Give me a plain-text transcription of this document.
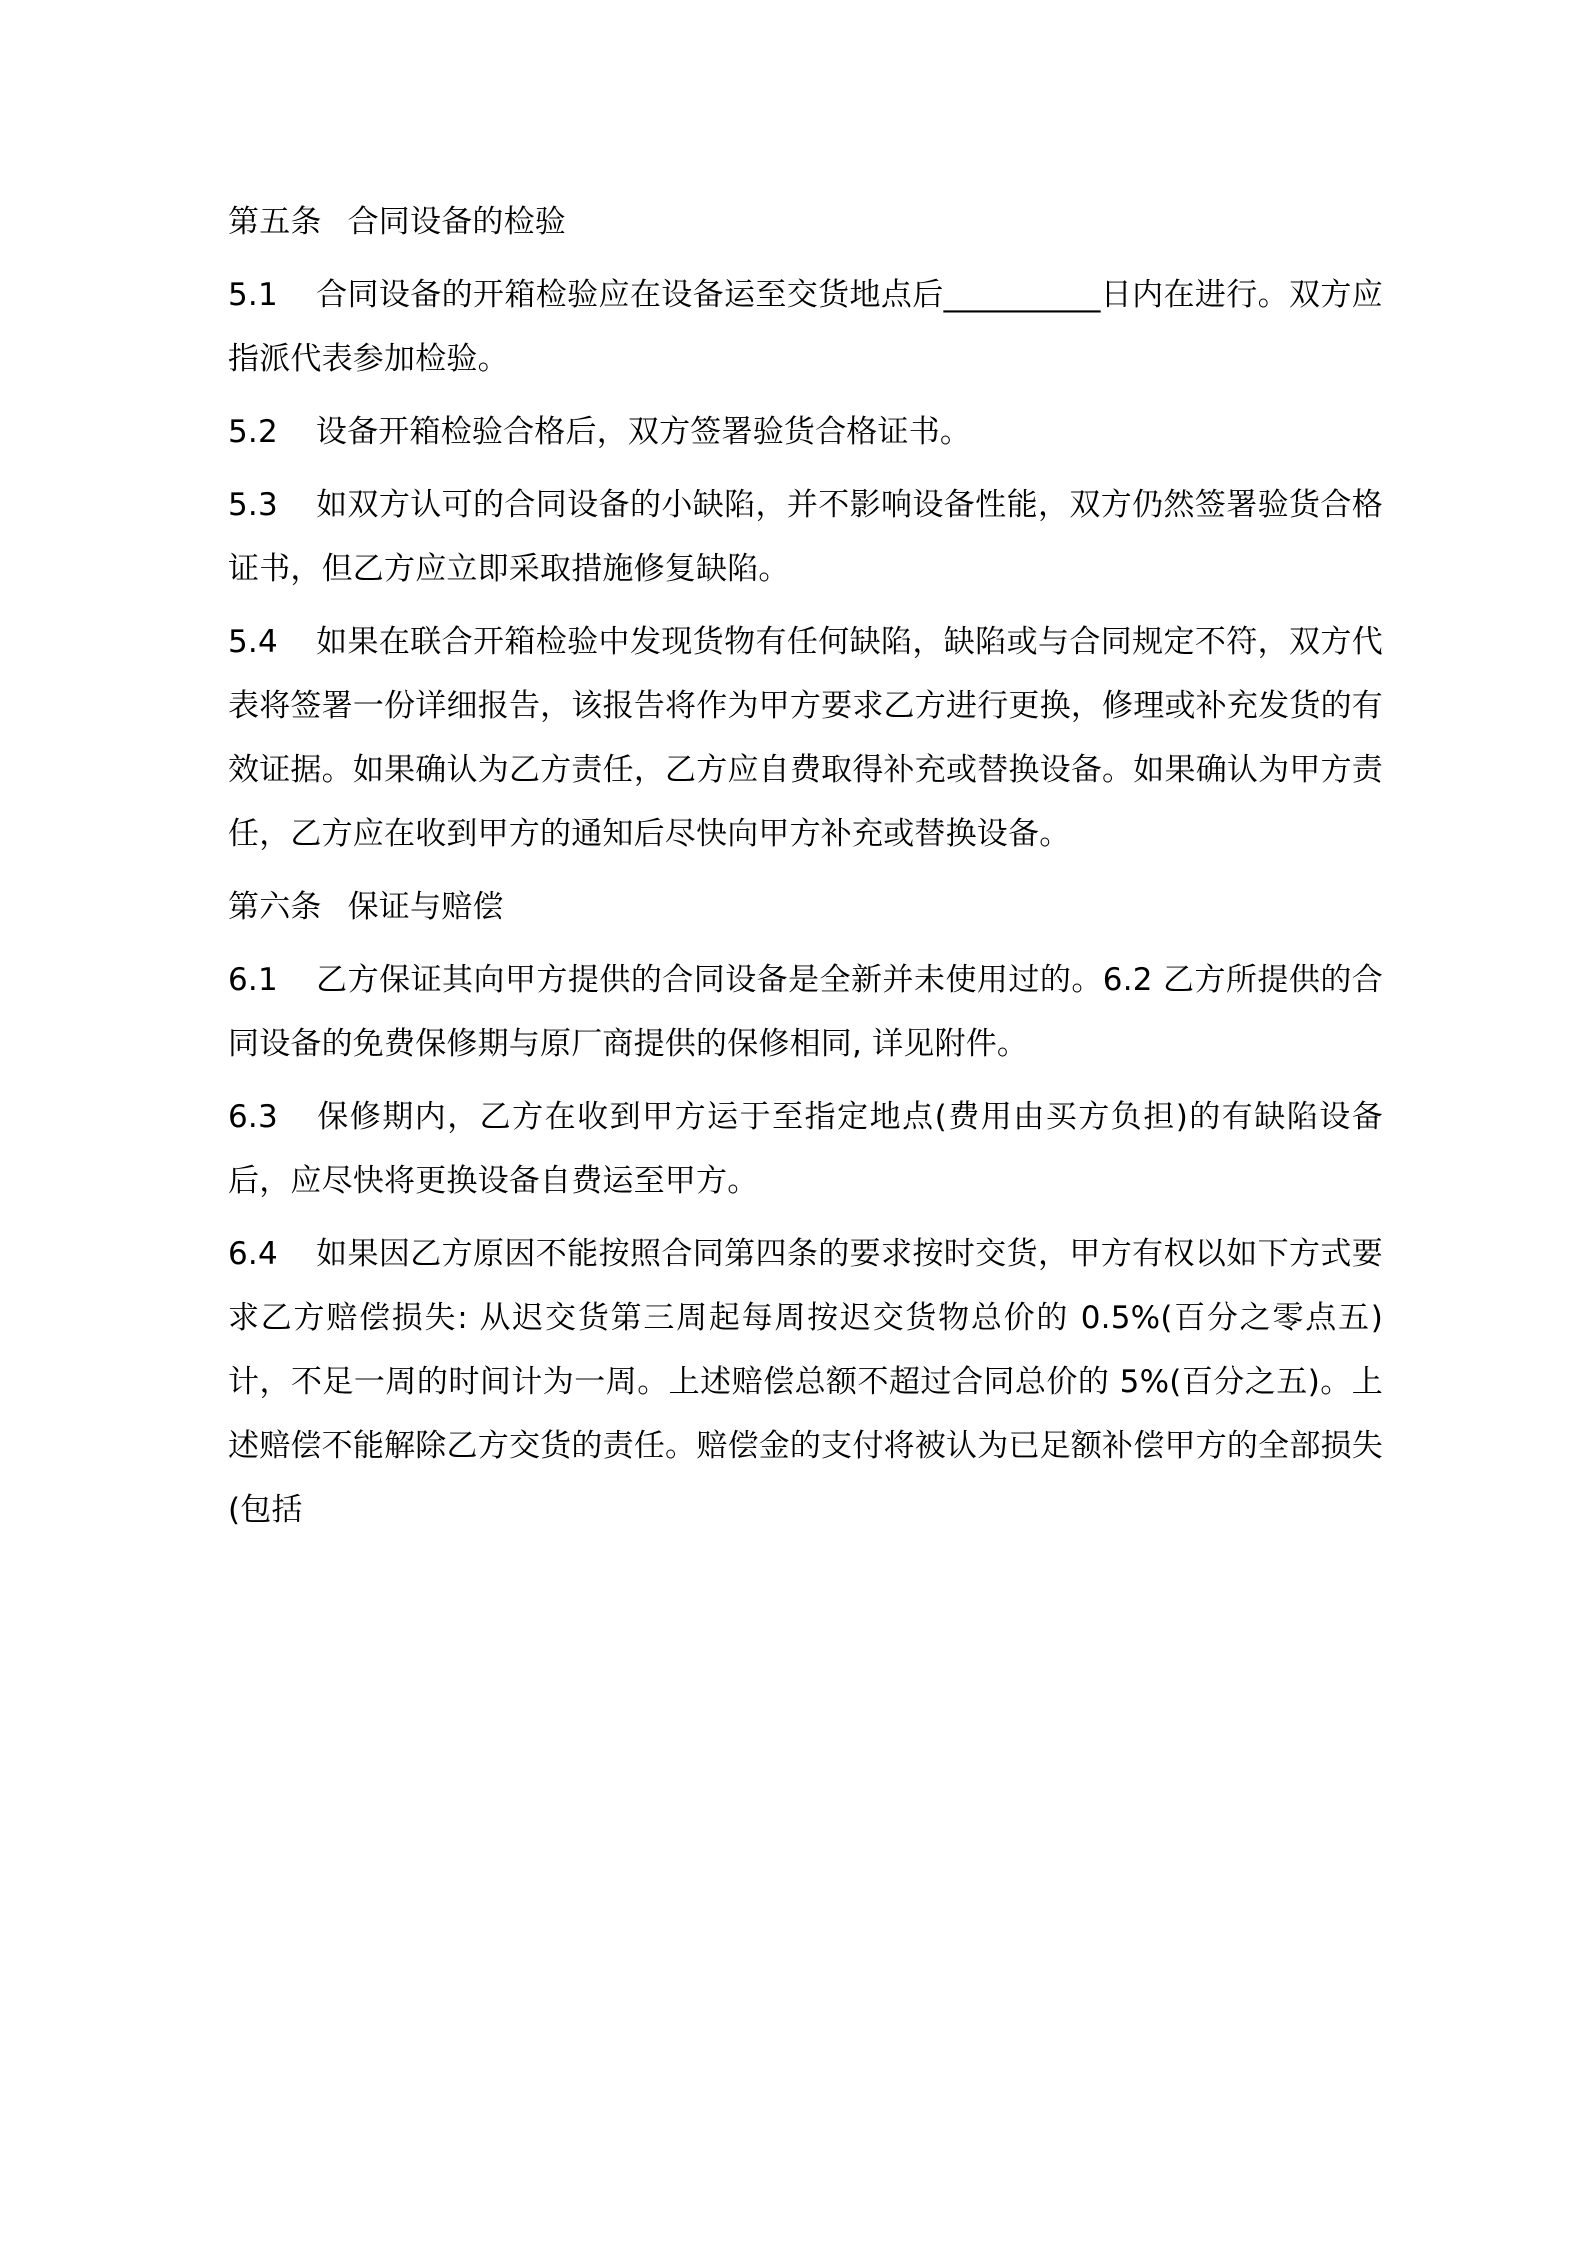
第五条 合同设备的检验

5.1 合同设备的开箱检验应在设备运至交货地点后__________日内在进行。双方应指派代表参加检验。

5.2 设备开箱检验合格后，双方签署验货合格证书。

5.3 如双方认可的合同设备的小缺陷，并不影响设备性能，双方仍然签署验货合格证书，但乙方应立即采取措施修复缺陷。

5.4 如果在联合开箱检验中发现货物有任何缺陷，缺陷或与合同规定不符，双方代表将签署一份详细报告，该报告将作为甲方要求乙方进行更换，修理或补充发货的有效证据。如果确认为乙方责任，乙方应自费取得补充或替换设备。如果确认为甲方责任，乙方应在收到甲方的通知后尽快向甲方补充或替换设备。

第六条 保证与赔偿

6.1 乙方保证其向甲方提供的合同设备是全新并未使用过的。6.2 乙方所提供的合同设备的免费保修期与原厂商提供的保修相同, 详见附件。

6.3 保修期内，乙方在收到甲方运于至指定地点(费用由买方负担)的有缺陷设备后，应尽快将更换设备自费运至甲方。

6.4 如果因乙方原因不能按照合同第四条的要求按时交货，甲方有权以如下方式要求乙方赔偿损失: 从迟交货第三周起每周按迟交货物总价的 0.5%(百分之零点五)计，不足一周的时间计为一周。上述赔偿总额不超过合同总价的 5%(百分之五)。上述赔偿不能解除乙方交货的责任。赔偿金的支付将被认为已足额补偿甲方的全部损失(包括
